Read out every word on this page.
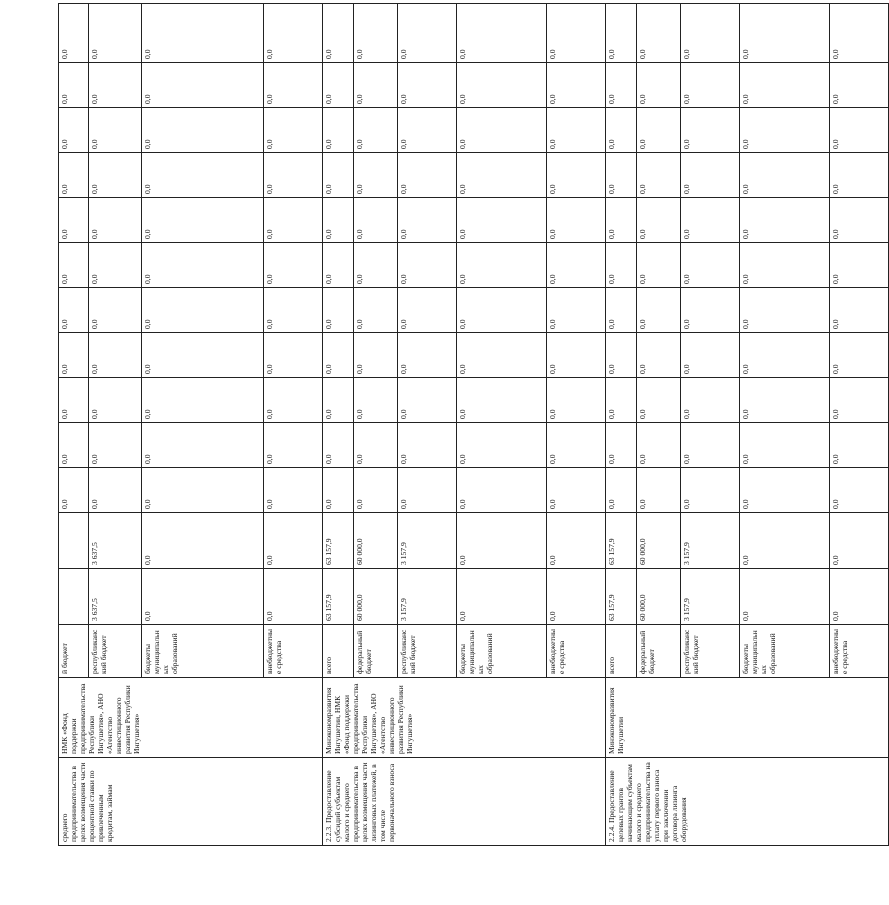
среднего предпринимательства в целях возмещения части процентной ставки по привлеченным кредитам, займам	НМК «Фонд поддержки предпринимательства Республики Ингушетия», АНО «Агентство инвестиционного развития Республики Ингушетия»	й бюджет			0,0	0,0	0,0	0,0	0,0	0,0	0,0	0,0	0,0	0,0	0,0	
		республиканский бюджет	3 637,5	3 637,5	0,0	0,0	0,0	0,0	0,0	0,0	0,0	0,0	0,0	0,0	0,0	
		бюджеты муниципальных образований	0,0	0,0	0,0	0,0	0,0	0,0	0,0	0,0	0,0	0,0	0,0	0,0	0,0	
		внебюджетные средства	0,0	0,0	0,0	0,0	0,0	0,0	0,0	0,0	0,0	0,0	0,0	0,0	0,0	
2.2.3. Предоставление субсидий субъектам малого и среднего предпринимательства в целях возмещения части лизинговых платежей, в том числе первоначального взноса	Минэкономразвития Ингушетии, НМК «Фонд поддержки предпринимательства Республики Ингушетия», АНО «Агентство инвестиционного развития Республики Ингушетия»	всего	63 157,9	63 157,9	0,0	0,0	0,0	0,0	0,0	0,0	0,0	0,0	0,0	0,0	0,0	
		федеральный бюджет	60 000,0	60 000,0	0,0	0,0	0,0	0,0	0,0	0,0	0,0	0,0	0,0	0,0	0,0	
		республиканский бюджет	3 157,9	3 157,9	0,0	0,0	0,0	0,0	0,0	0,0	0,0	0,0	0,0	0,0	0,0	
		бюджеты муниципальных образований	0,0	0,0	0,0	0,0	0,0	0,0	0,0	0,0	0,0	0,0	0,0	0,0	0,0	
		внебюджетные средства	0,0	0,0	0,0	0,0	0,0	0,0	0,0	0,0	0,0	0,0	0,0	0,0	0,0	
2.2.4. Предоставление целевых грантов начинающим субъектам малого и среднего предпринимательства на уплату первого взноса при заключении договора лизинга оборудования	Минэкономразвития Ингушетии	всего	63 157,9	63 157,9	0,0	0,0	0,0	0,0	0,0	0,0	0,0	0,0	0,0	0,0	0,0	
		федеральный бюджет	60 000,0	60 000,0	0,0	0,0	0,0	0,0	0,0	0,0	0,0	0,0	0,0	0,0	0,0	
		республиканский бюджет	3 157,9	3 157,9	0,0	0,0	0,0	0,0	0,0	0,0	0,0	0,0	0,0	0,0	0,0	
		бюджеты муниципальных образований	0,0	0,0	0,0	0,0	0,0	0,0	0,0	0,0	0,0	0,0	0,0	0,0	0,0	
		внебюджетные средства	0,0	0,0	0,0	0,0	0,0	0,0	0,0	0,0	0,0	0,0	0,0	0,0	0,0	
